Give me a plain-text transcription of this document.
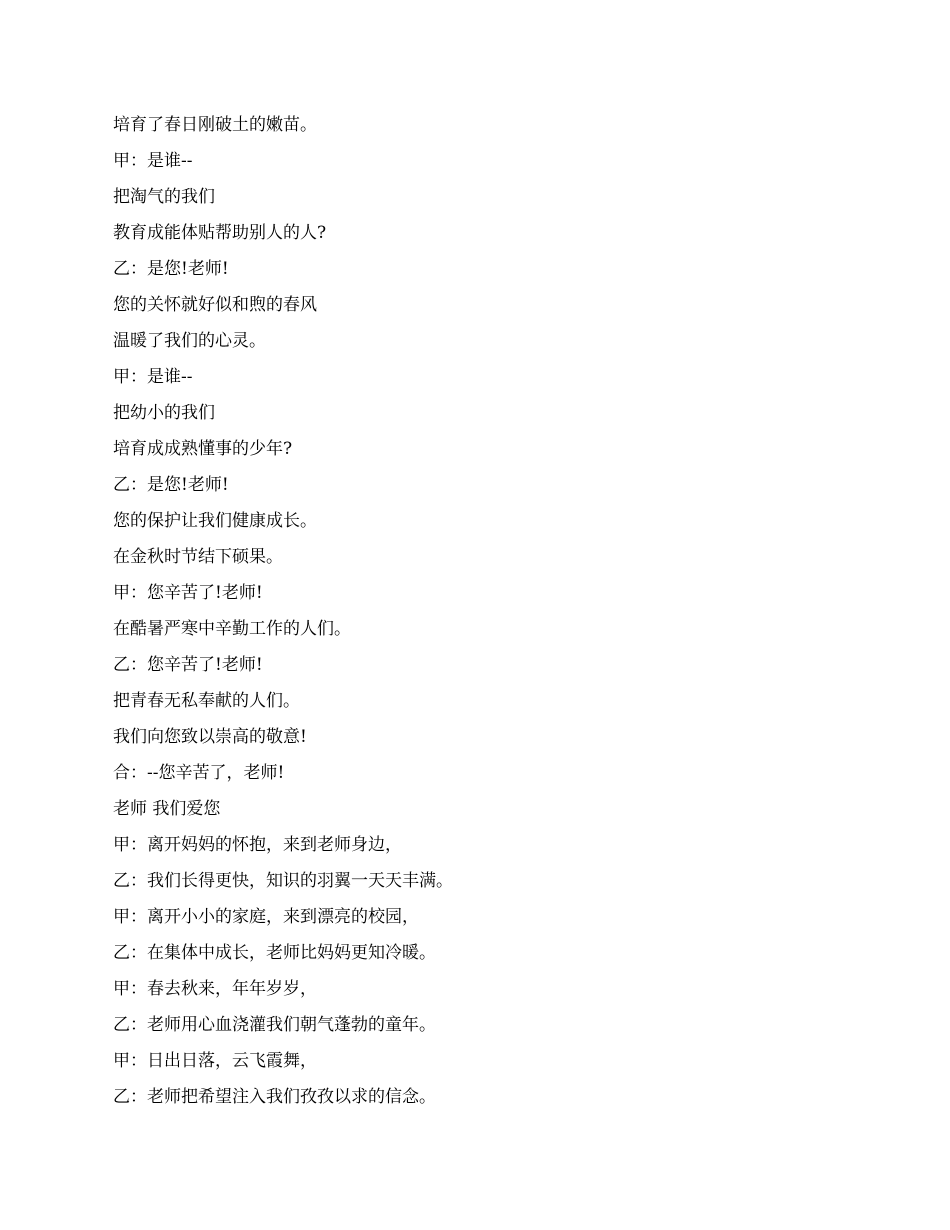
培育了春日刚破土的嫩苗。
甲：是谁--
把淘气的我们
教育成能体贴帮助别人的人?
乙：是您!老师!
您的关怀就好似和煦的春风
温暖了我们的心灵。
甲：是谁--
把幼小的我们
培育成成熟懂事的少年?
乙：是您!老师!
您的保护让我们健康成长。
在金秋时节结下硕果。
甲：您辛苦了!老师!
在酷暑严寒中辛勤工作的人们。
乙：您辛苦了!老师!
把青春无私奉献的人们。
我们向您致以崇高的敬意!
合：--您辛苦了，老师!
老师 我们爱您
甲：离开妈妈的怀抱，来到老师身边，
乙：我们长得更快，知识的羽翼一天天丰满。
甲：离开小小的家庭，来到漂亮的校园，
乙：在集体中成长，老师比妈妈更知冷暖。
甲：春去秋来，年年岁岁，
乙：老师用心血浇灌我们朝气蓬勃的童年。
甲：日出日落，云飞霞舞，
乙：老师把希望注入我们孜孜以求的信念。
